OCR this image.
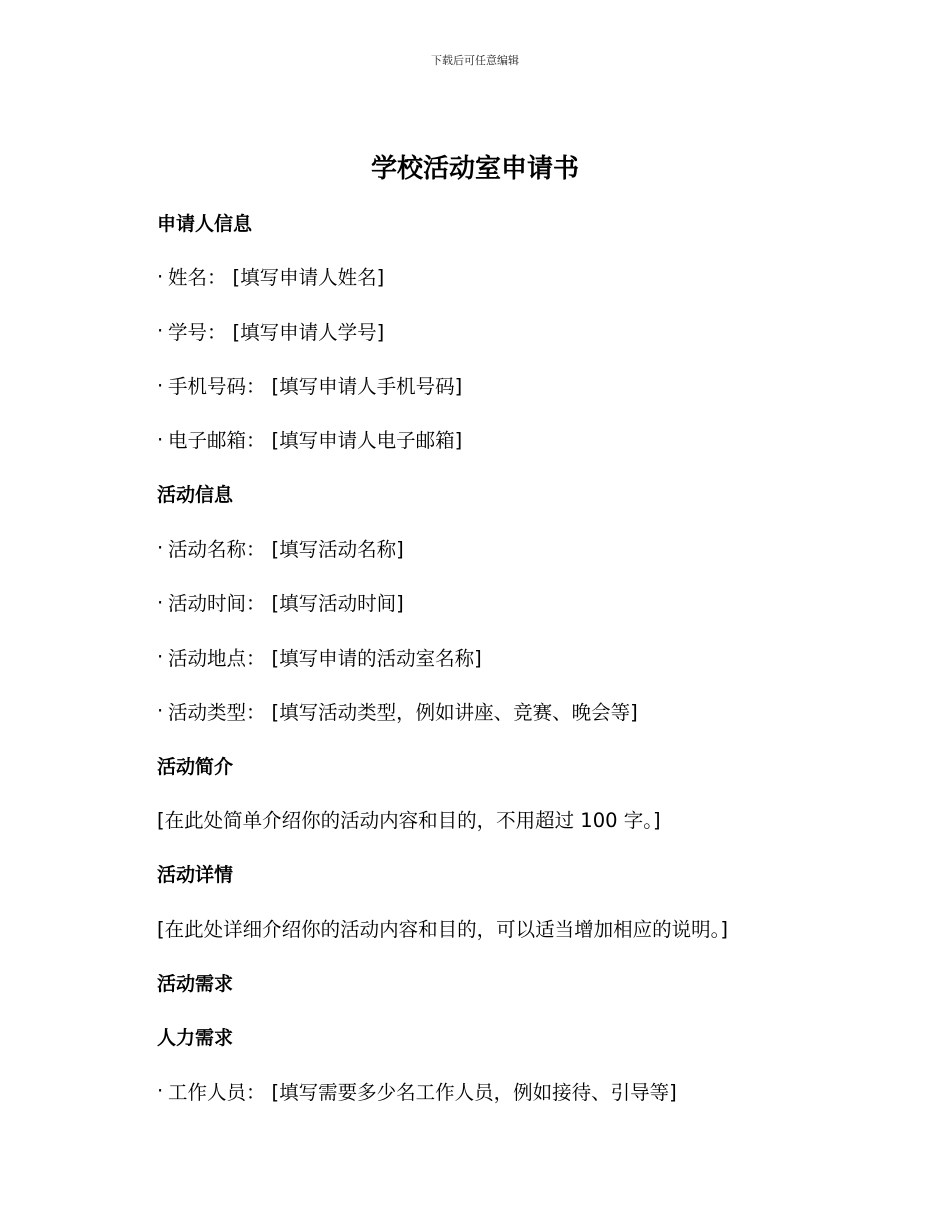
下载后可任意编辑
学校活动室申请书
申请人信息
· 姓名： [填写申请人姓名]
· 学号： [填写申请人学号]
· 手机号码： [填写申请人手机号码]
· 电子邮箱： [填写申请人电子邮箱]
活动信息
· 活动名称： [填写活动名称]
· 活动时间： [填写活动时间]
· 活动地点： [填写申请的活动室名称]
· 活动类型： [填写活动类型，例如讲座、竞赛、晚会等]
活动简介
[在此处简单介绍你的活动内容和目的，不用超过 100 字。]
活动详情
[在此处详细介绍你的活动内容和目的，可以适当增加相应的说明。]
活动需求
人力需求
· 工作人员： [填写需要多少名工作人员，例如接待、引导等]
